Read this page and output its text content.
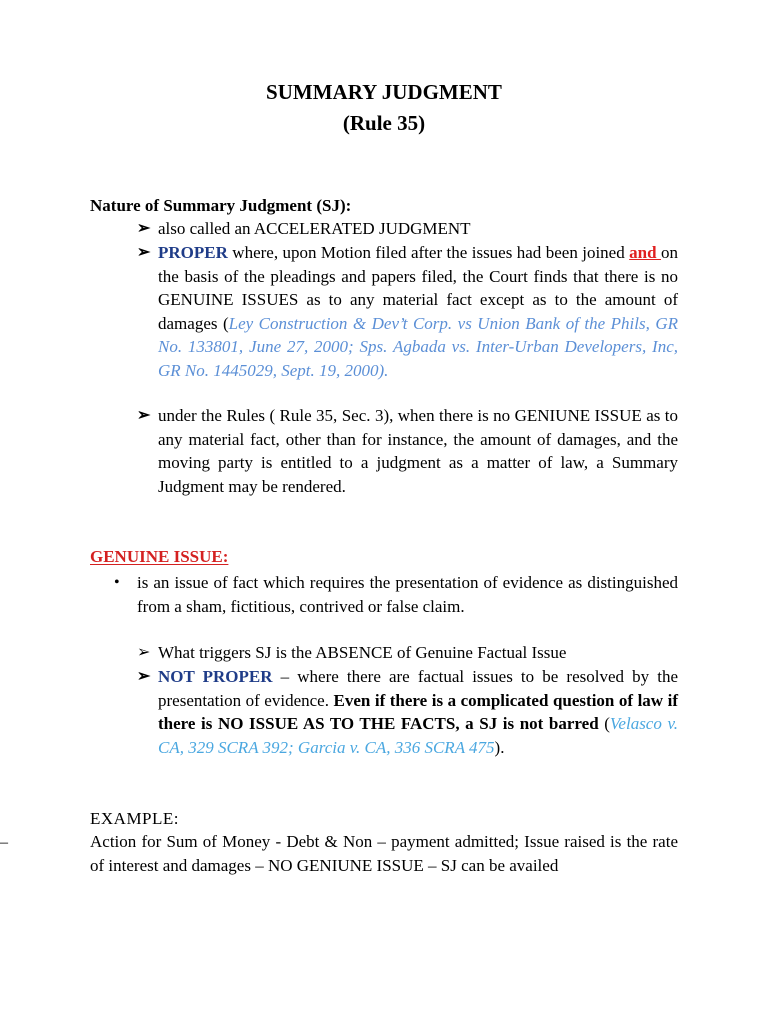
SUMMARY JUDGMENT
(Rule 35)
Nature of Summary Judgment (SJ):
➢ also called an ACCELERATED JUDGMENT
➢ PROPER where, upon Motion filed after the issues had been joined and on the basis of the pleadings and papers filed, the Court finds that there is no GENUINE ISSUES as to any material fact except as to the amount of damages (Ley Construction & Dev’t Corp. vs Union Bank of the Phils, GR No. 133801, June 27, 2000; Sps. Agbada vs. Inter-Urban Developers, Inc, GR No. 1445029, Sept. 19, 2000).
➢ under the Rules ( Rule 35, Sec. 3), when there is no GENIUNE ISSUE as to any material fact, other than for instance, the amount of damages, and the moving party is entitled to a judgment as a matter of law, a Summary Judgment may be rendered.
GENUINE ISSUE:
• is an issue of fact which requires the presentation of evidence as distinguished from a sham, fictitious, contrived or false claim.
➢ What triggers SJ is the ABSENCE of Genuine Factual Issue
➢ NOT PROPER – where there are factual issues to be resolved by the presentation of evidence. Even if there is a complicated question of law if there is NO ISSUE AS TO THE FACTS, a SJ is not barred (Velasco v. CA, 329 SCRA 392; Garcia v. CA, 336 SCRA 475).
EXAMPLE:
–	Action for Sum of Money - Debt & Non – payment admitted; Issue raised is the rate of interest and damages – NO GENIUNE ISSUE – SJ can be availed
